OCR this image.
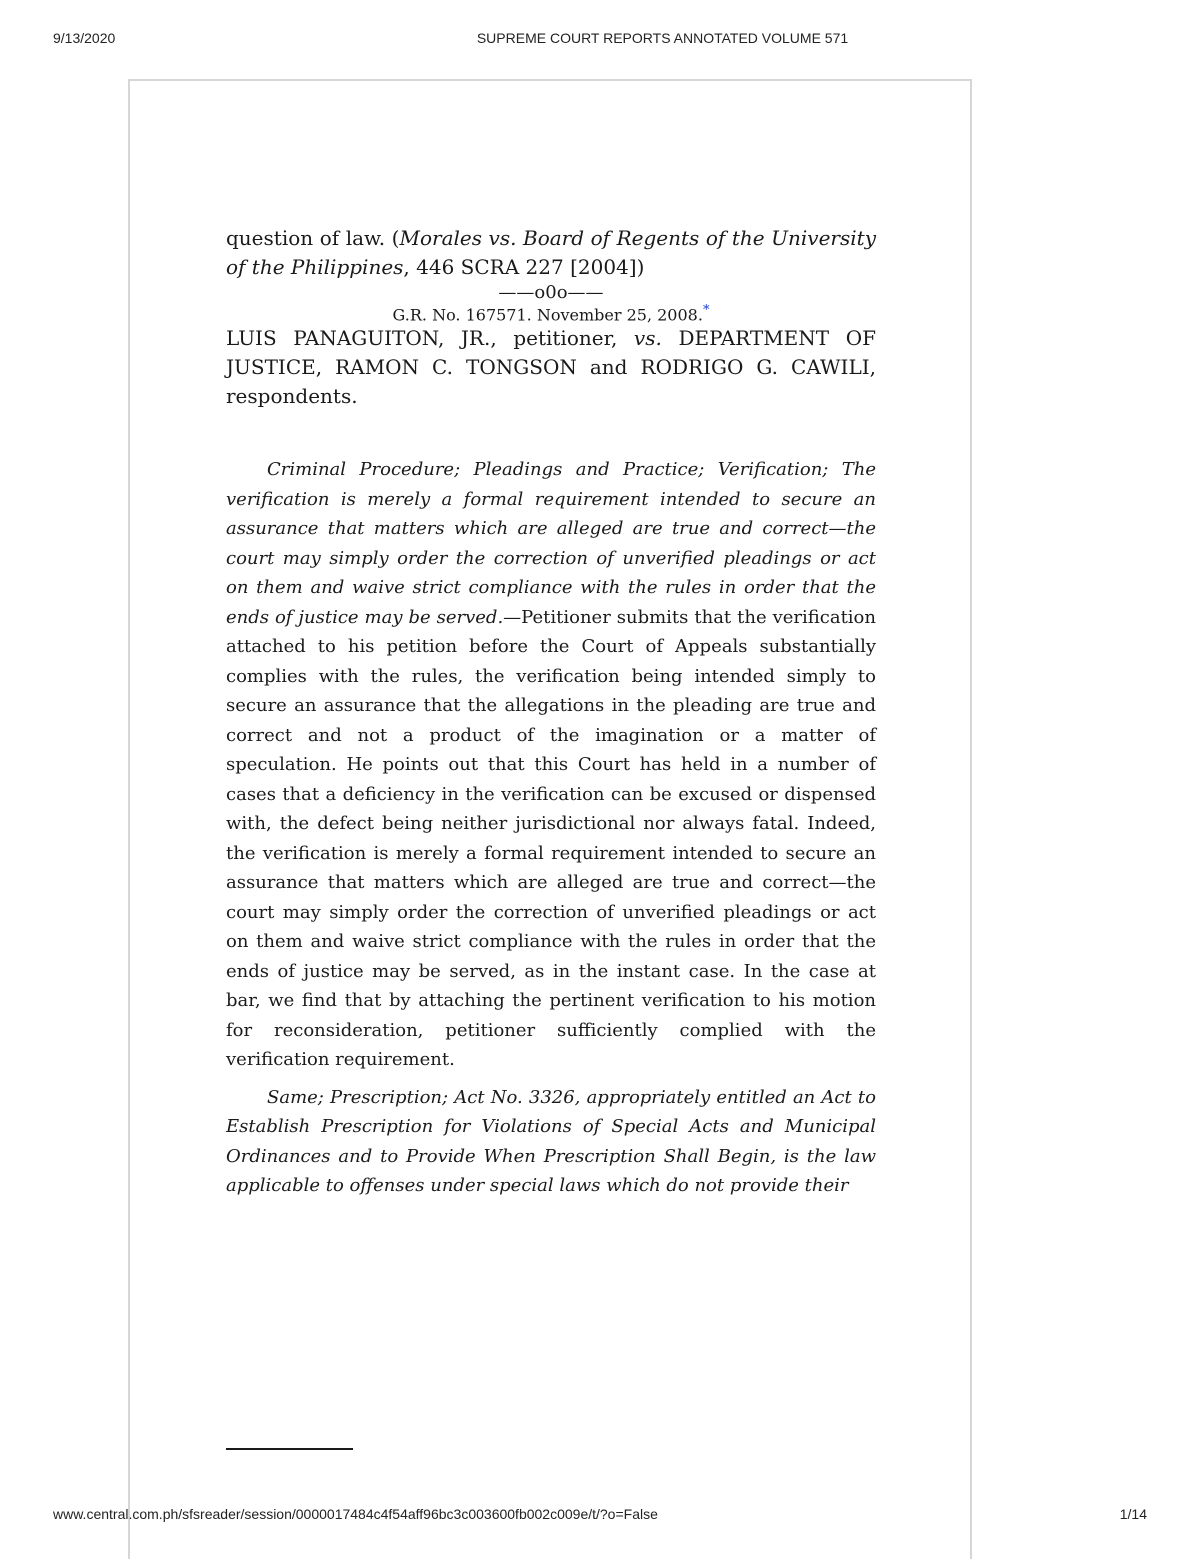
9/13/2020	SUPREME COURT REPORTS ANNOTATED VOLUME 571

question of law. (Morales vs. Board of Regents of the University of the Philippines, 446 SCRA 227 [2004])

——o0o——

G.R. No. 167571. November 25, 2008.*

LUIS PANAGUITON, JR., petitioner, vs. DEPARTMENT OF JUSTICE, RAMON C. TONGSON and RODRIGO G. CAWILI, respondents.

Criminal Procedure; Pleadings and Practice; Verification; The verification is merely a formal requirement intended to secure an assurance that matters which are alleged are true and correct—the court may simply order the correction of unverified pleadings or act on them and waive strict compliance with the rules in order that the ends of justice may be served.—Petitioner submits that the verification attached to his petition before the Court of Appeals substantially complies with the rules, the verification being intended simply to secure an assurance that the allegations in the pleading are true and correct and not a product of the imagination or a matter of speculation. He points out that this Court has held in a number of cases that a deficiency in the verification can be excused or dispensed with, the defect being neither jurisdictional nor always fatal. Indeed, the verification is merely a formal requirement intended to secure an assurance that matters which are alleged are true and correct—the court may simply order the correction of unverified pleadings or act on them and waive strict compliance with the rules in order that the ends of justice may be served, as in the instant case. In the case at bar, we find that by attaching the pertinent verification to his motion for reconsideration, petitioner sufficiently complied with the verification requirement.

Same; Prescription; Act No. 3326, appropriately entitled an Act to Establish Prescription for Violations of Special Acts and Municipal Ordinances and to Provide When Prescription Shall Begin, is the law applicable to offenses under special laws which do not provide their

www.central.com.ph/sfsreader/session/0000017484c4f54aff96bc3c003600fb002c009e/t/?o=False	1/14
